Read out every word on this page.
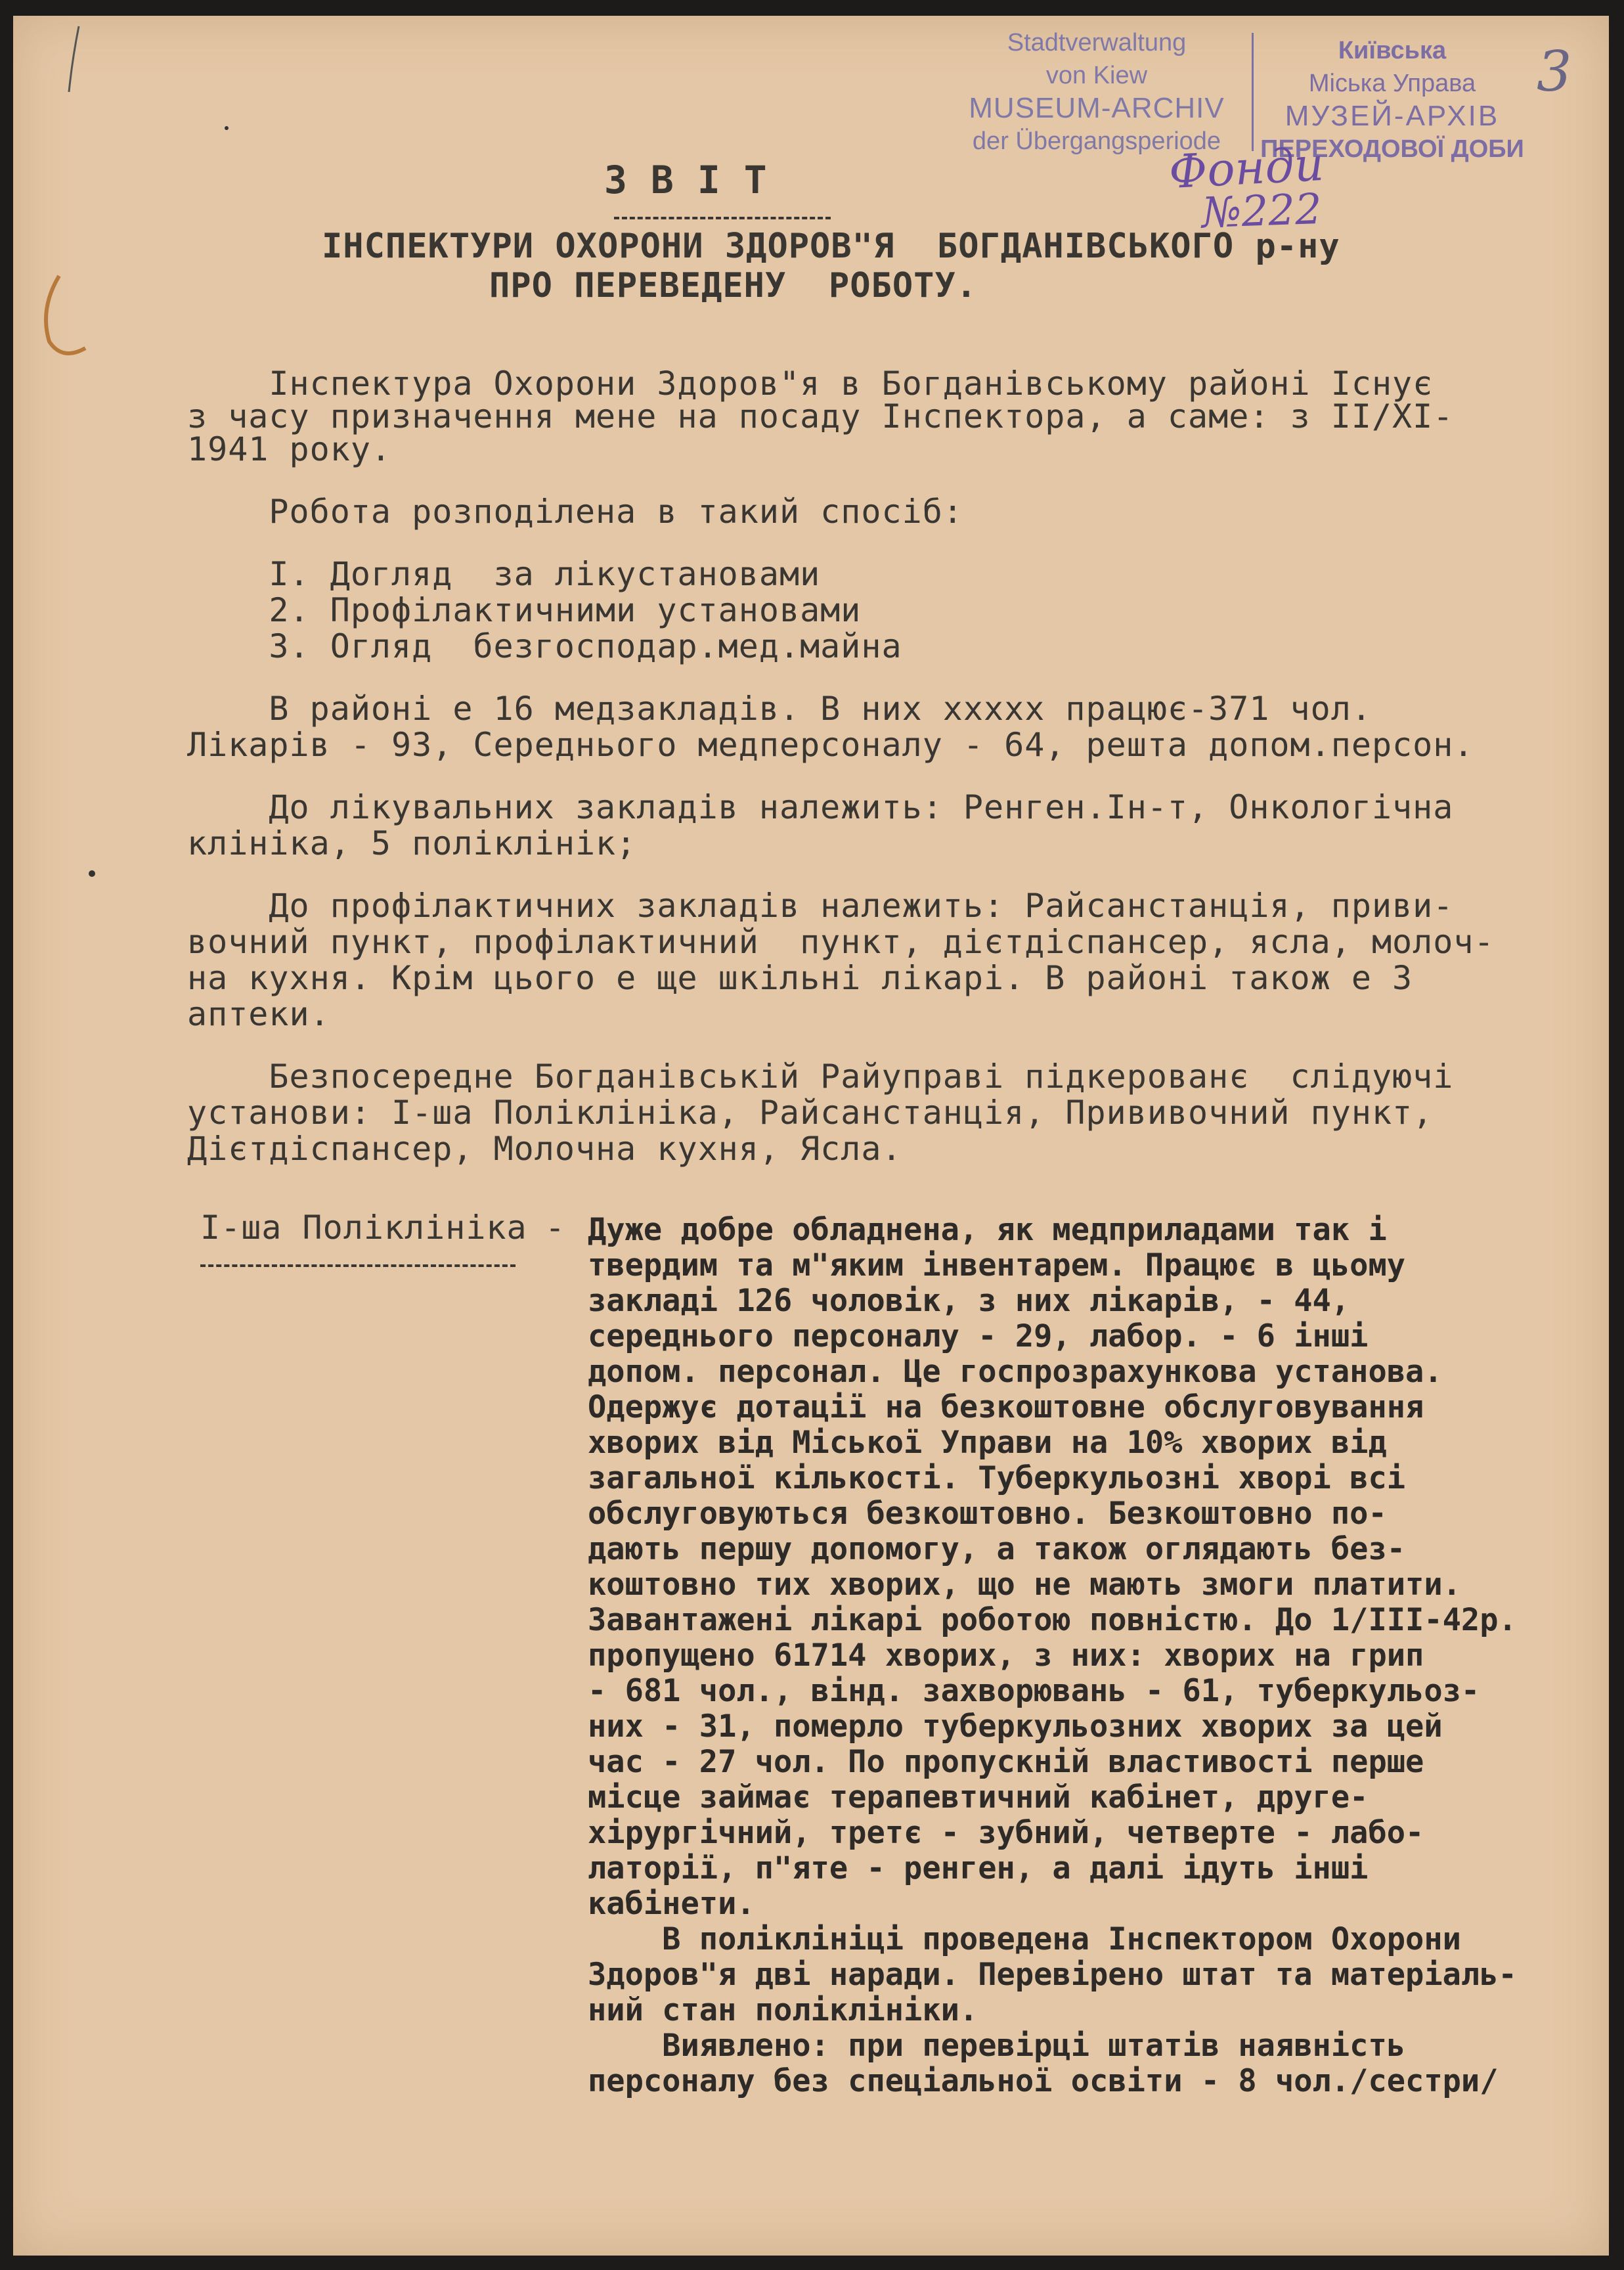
Stadtverwaltung
von Kiew
MUSEUM-ARCHIV
der Übergangsperiode
Київська
Міська Управа
МУЗЕЙ-АРХІВ
ПЕРЕХОДОВОЇ ДОБИ
3
Фонди
№222
ЗВІТ
ІНСПЕКТУРИ ОХОРОНИ ЗДОРОВ"Я  БОГДАНІВСЬКОГО р-ну
ПРО ПЕРЕВЕДЕНУ  РОБОТУ.
Інспектура Охорони Здоров"я в Богданівському районі Існує
з часу призначення мене на посаду Інспектора, а саме: з ІІ/ХІ-
1941 року.
Робота розподілена в такий спосіб:
І. Догляд  за лікустановами
2. Профілактичними установами
3. Огляд  безгосподар.мед.майна
В районі е 16 медзакладів. В них ххххх працює-371 чол.
Лікарів - 93, Середнього медперсоналу - 64, решта допом.персон.
До лікувальних закладів належить: Ренген.Ін-т, Онкологічна
клініка, 5 поліклінік;
До профілактичних закладів належить: Райсанстанція, приви-
вочний пункт, профілактичний  пункт, дієтдіспансер, ясла, молоч-
на кухня. Крім цього е ще шкільні лікарі. В районі також е 3
аптеки.
Безпосередне Богданівській Райуправі підкерованє  слідуючі
установи: І-ша Поліклініка, Райсанстанція, Прививочний пункт,
Дієтдіспансер, Молочна кухня, Ясла.
І-ша Поліклініка - Дуже добре обладнена, як медприладами так і
твердим та м"яким інвентарем. Працює в цьому
закладі 126 чоловік, з них лікарів, - 44,
середнього персоналу - 29, лабор. - 6 інші
допом. персонал. Це госпрозрахункова установа.
Одержує дотації на безкоштовне обслуговування
хворих від Міської Управи на 10% хворих від
загальної кількості. Туберкульозні хворі всі
обслуговуються безкоштовно. Безкоштовно по-
дають першу допомогу, а також оглядають без-
коштовно тих хворих, що не мають змоги платити.
Завантажені лікарі роботою повністю. До 1/ІІІ-42р.
пропущено 61714 хворих, з них: хворих на грип
- 681 чол., вінд. захворювань - 61, туберкульоз-
них - 31, померло туберкульозних хворих за цей
час - 27 чол. По пропускній властивості перше
місце займає терапевтичний кабінет, друге-
хірургічний, третє - зубний, четверте - лабо-
латорії, п"яте - ренген, а далі ідуть інші
кабінети.
В поліклініці проведена Інспектором Охорони
Здоров"я дві наради. Перевірено штат та матеріаль-
ний стан поліклініки.
Виявлено: при перевірці штатів наявність
персоналу без спеціальної освіти - 8 чол./сестри/
